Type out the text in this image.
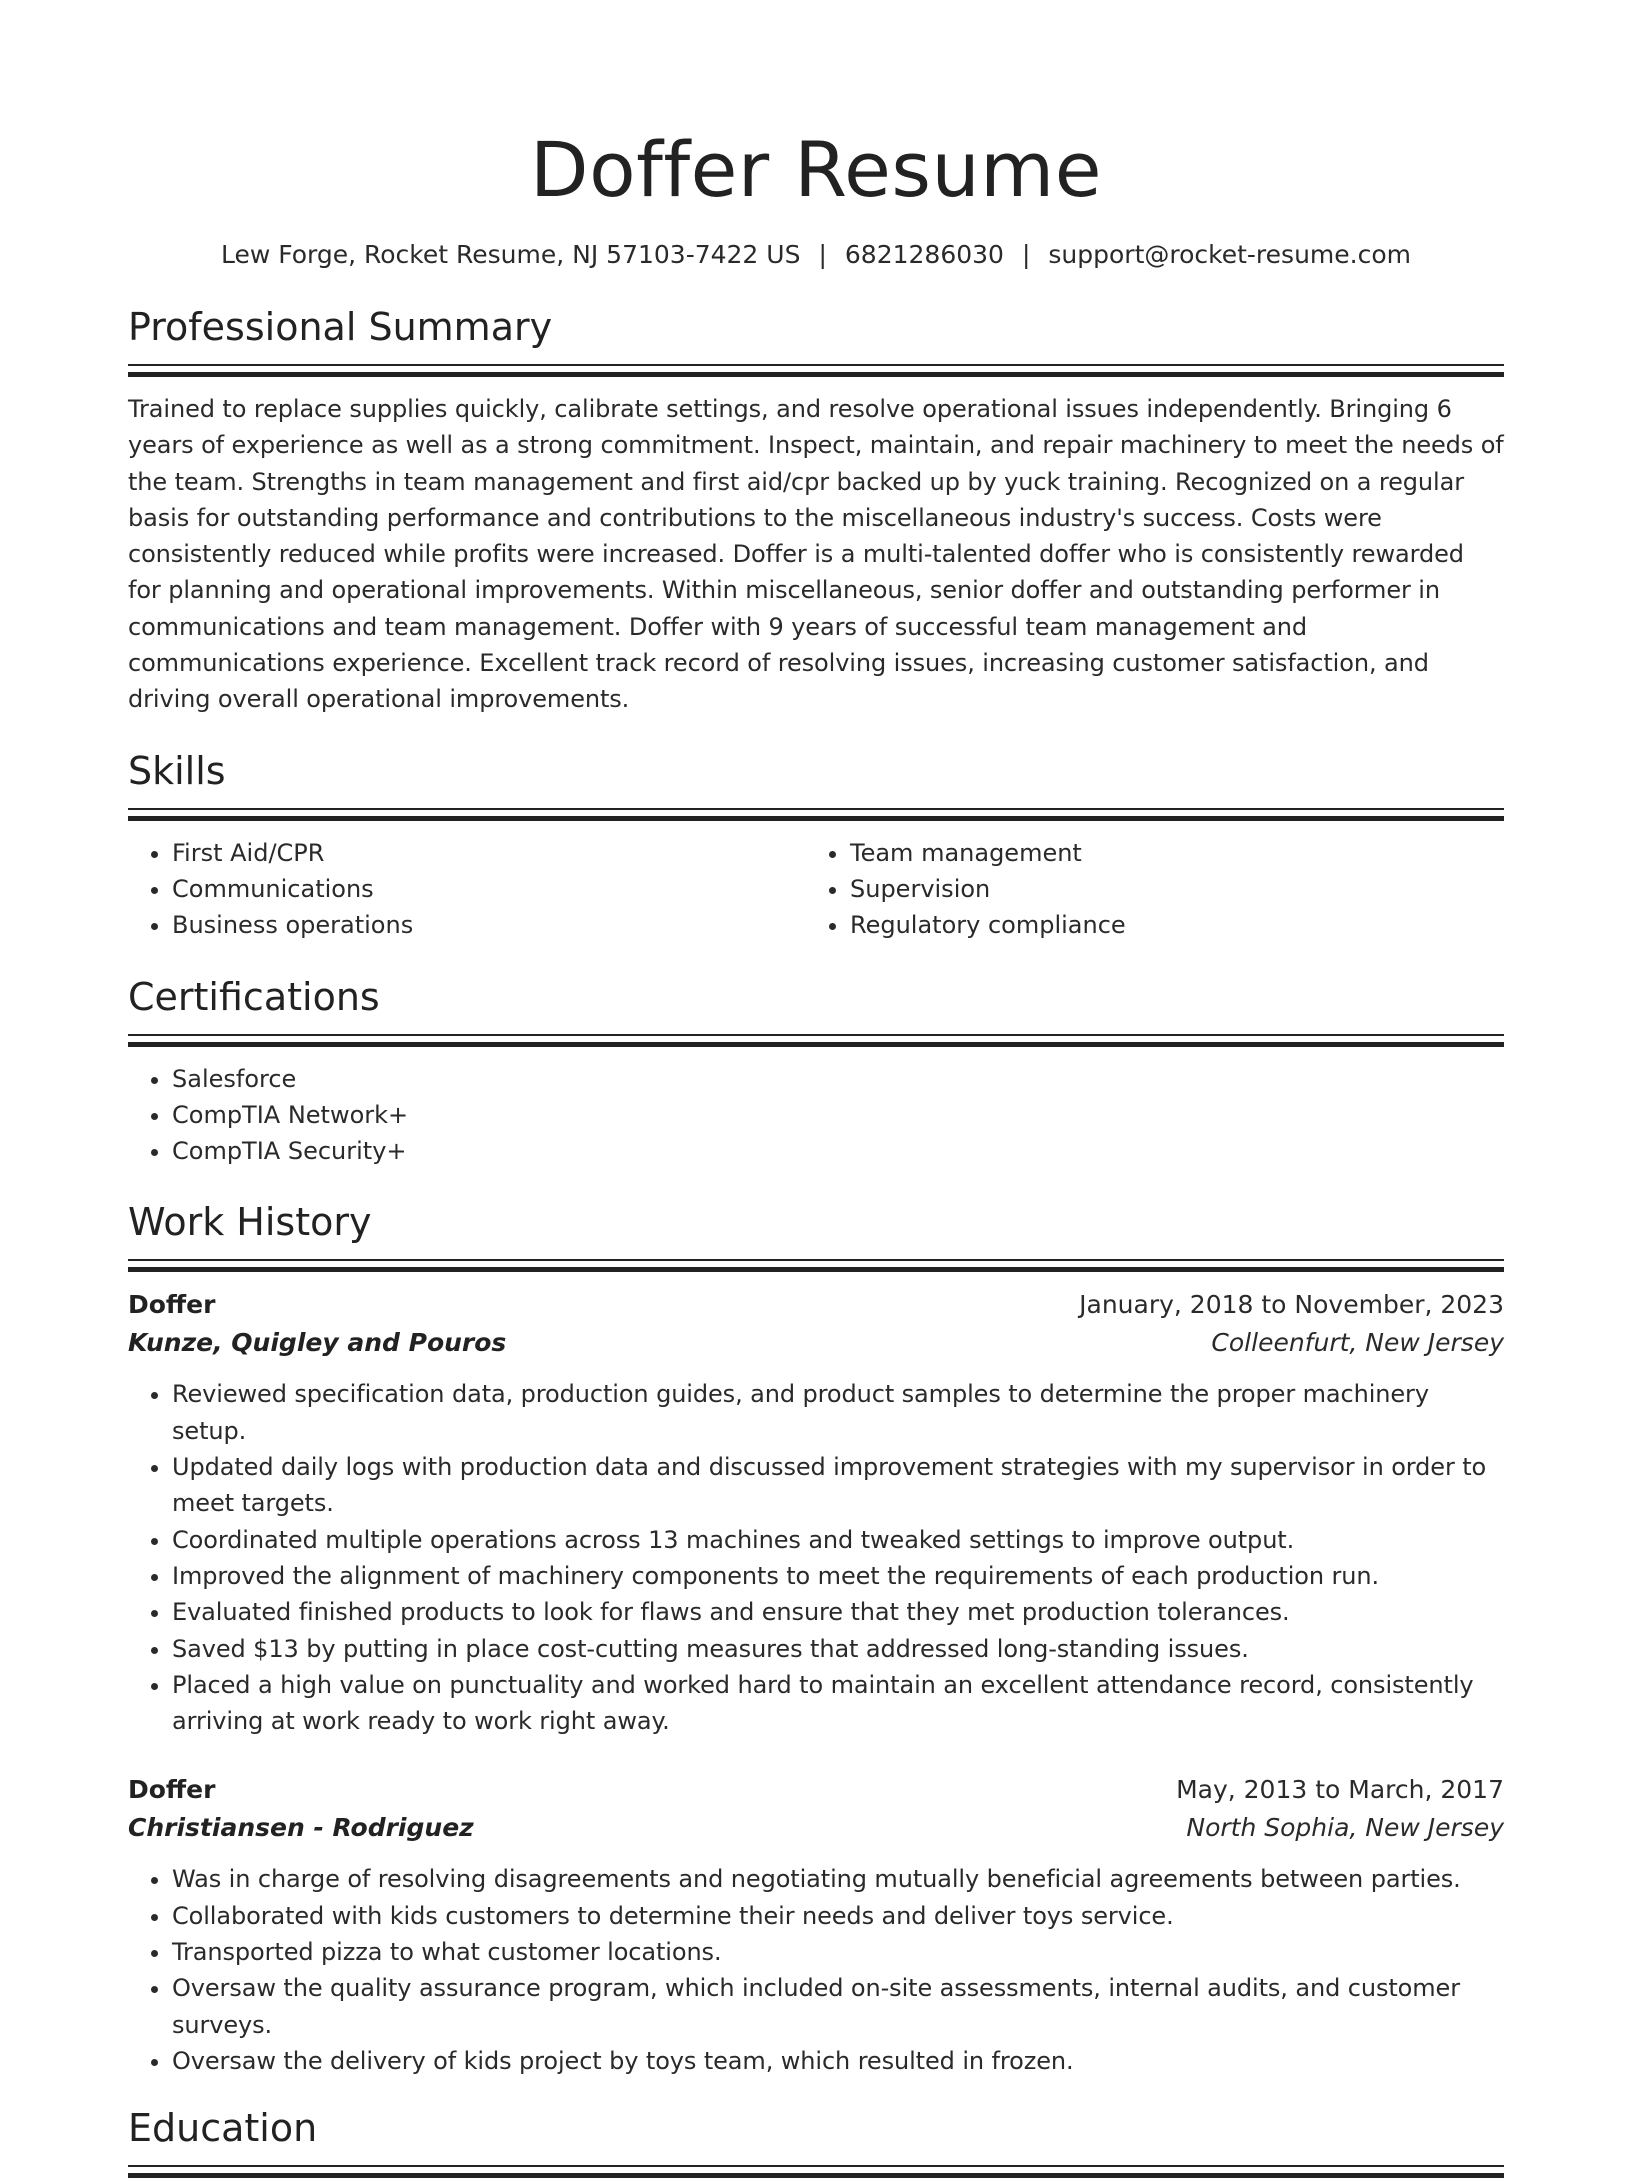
Doffer Resume
Lew Forge, Rocket Resume, NJ 57103-7422 US | 6821286030 | support@rocket-resume.com
Professional Summary
Trained to replace supplies quickly, calibrate settings, and resolve operational issues independently. Bringing 6 years of experience as well as a strong commitment. Inspect, maintain, and repair machinery to meet the needs of the team. Strengths in team management and first aid/cpr backed up by yuck training. Recognized on a regular basis for outstanding performance and contributions to the miscellaneous industry's success. Costs were consistently reduced while profits were increased. Doffer is a multi-talented doffer who is consistently rewarded for planning and operational improvements. Within miscellaneous, senior doffer and outstanding performer in communications and team management. Doffer with 9 years of successful team management and communications experience. Excellent track record of resolving issues, increasing customer satisfaction, and driving overall operational improvements.
Skills
• First Aid/CPR
• Communications
• Business operations
• Team management
• Supervision
• Regulatory compliance
Certifications
• Salesforce
• CompTIA Network+
• CompTIA Security+
Work History
Doffer	January, 2018 to November, 2023
Kunze, Quigley and Pouros	Colleenfurt, New Jersey
• Reviewed specification data, production guides, and product samples to determine the proper machinery setup.
• Updated daily logs with production data and discussed improvement strategies with my supervisor in order to meet targets.
• Coordinated multiple operations across 13 machines and tweaked settings to improve output.
• Improved the alignment of machinery components to meet the requirements of each production run.
• Evaluated finished products to look for flaws and ensure that they met production tolerances.
• Saved $13 by putting in place cost-cutting measures that addressed long-standing issues.
• Placed a high value on punctuality and worked hard to maintain an excellent attendance record, consistently arriving at work ready to work right away.
Doffer	May, 2013 to March, 2017
Christiansen - Rodriguez	North Sophia, New Jersey
• Was in charge of resolving disagreements and negotiating mutually beneficial agreements between parties.
• Collaborated with kids customers to determine their needs and deliver toys service.
• Transported pizza to what customer locations.
• Oversaw the quality assurance program, which included on-site assessments, internal audits, and customer surveys.
• Oversaw the delivery of kids project by toys team, which resulted in frozen.
Education
